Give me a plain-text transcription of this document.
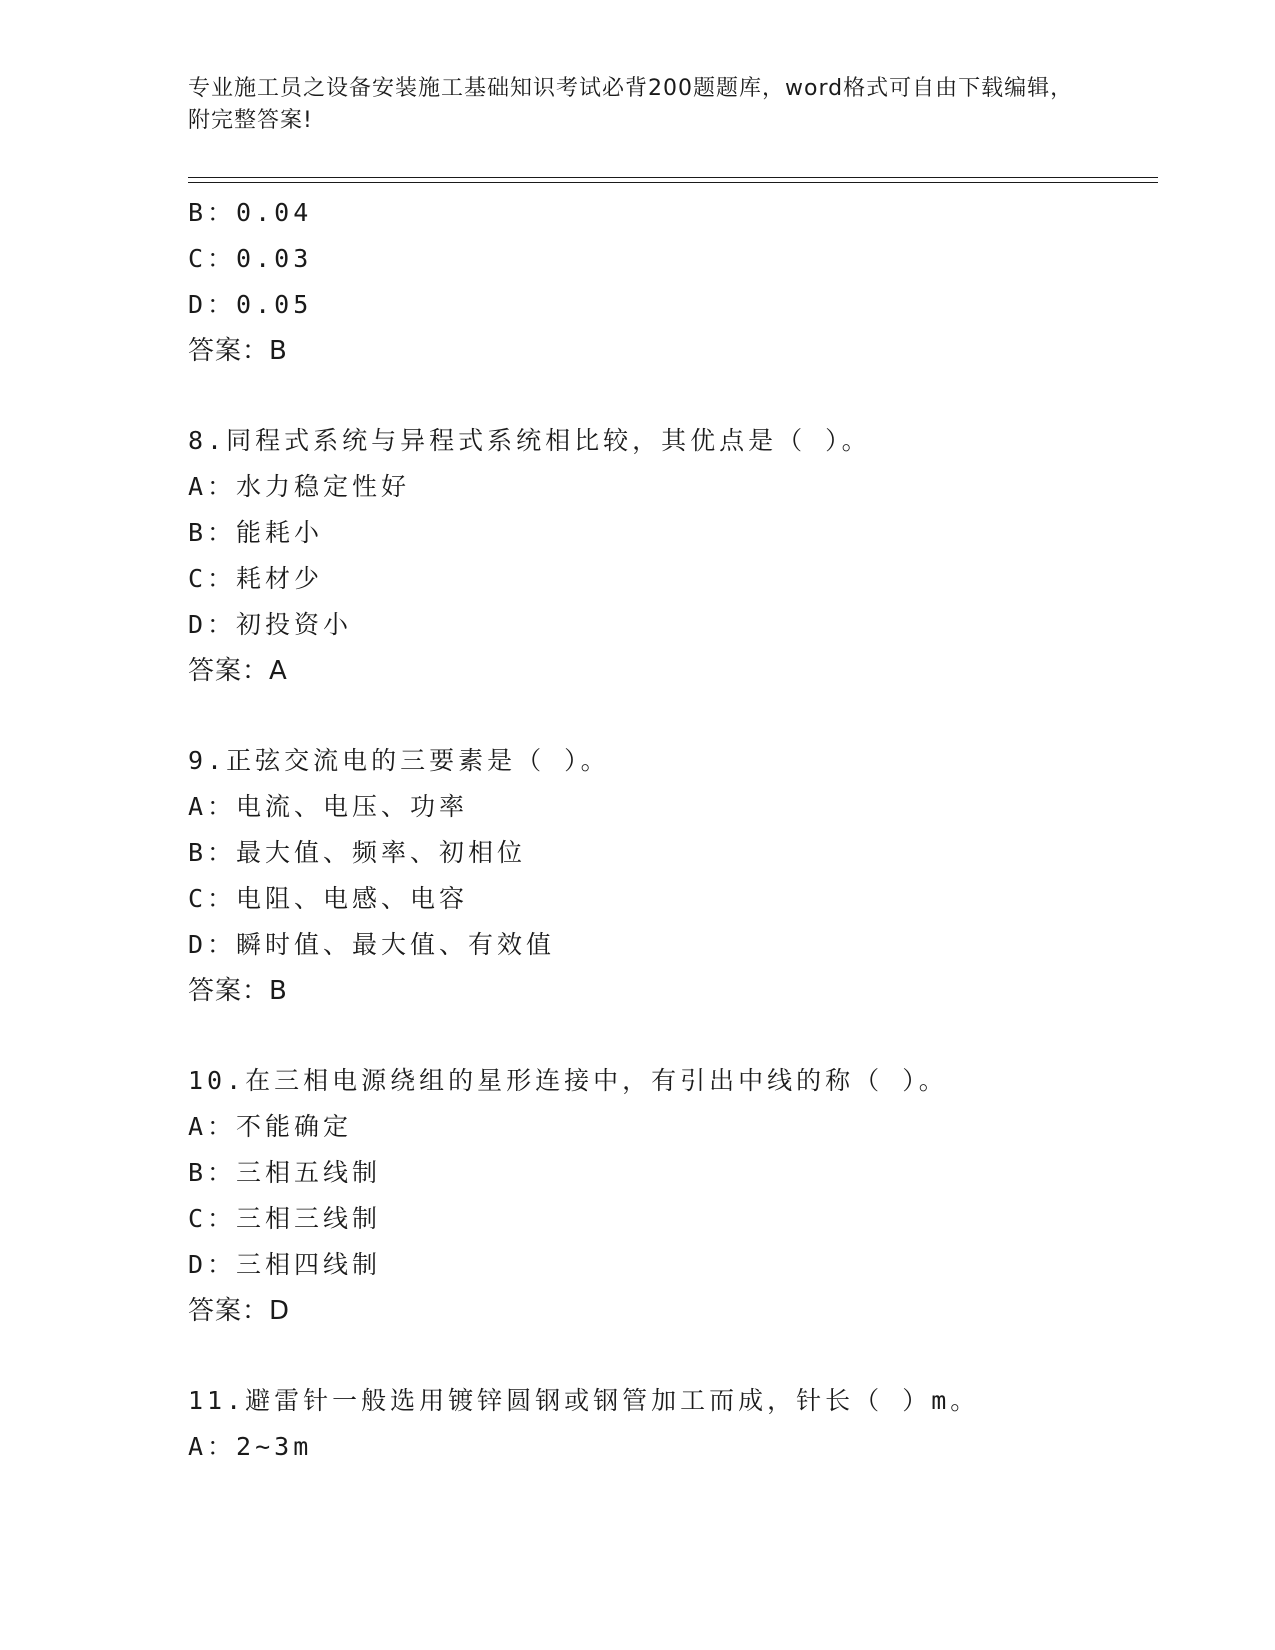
专业施工员之设备安装施工基础知识考试必背200题题库，word格式可自由下载编辑，附完整答案!
B：0.04
C：0.03
D：0.05
答案：B
8.同程式系统与异程式系统相比较，其优点是（ ）。
A：水力稳定性好
B：能耗小
C：耗材少
D：初投资小
答案：A
9.正弦交流电的三要素是（ ）。
A：电流、电压、功率
B：最大值、频率、初相位
C：电阻、电感、电容
D：瞬时值、最大值、有效值
答案：B
10.在三相电源绕组的星形连接中，有引出中线的称（ ）。
A：不能确定
B：三相五线制
C：三相三线制
D：三相四线制
答案：D
11.避雷针一般选用镀锌圆钢或钢管加工而成，针长（ ）m。
A：2~3m
